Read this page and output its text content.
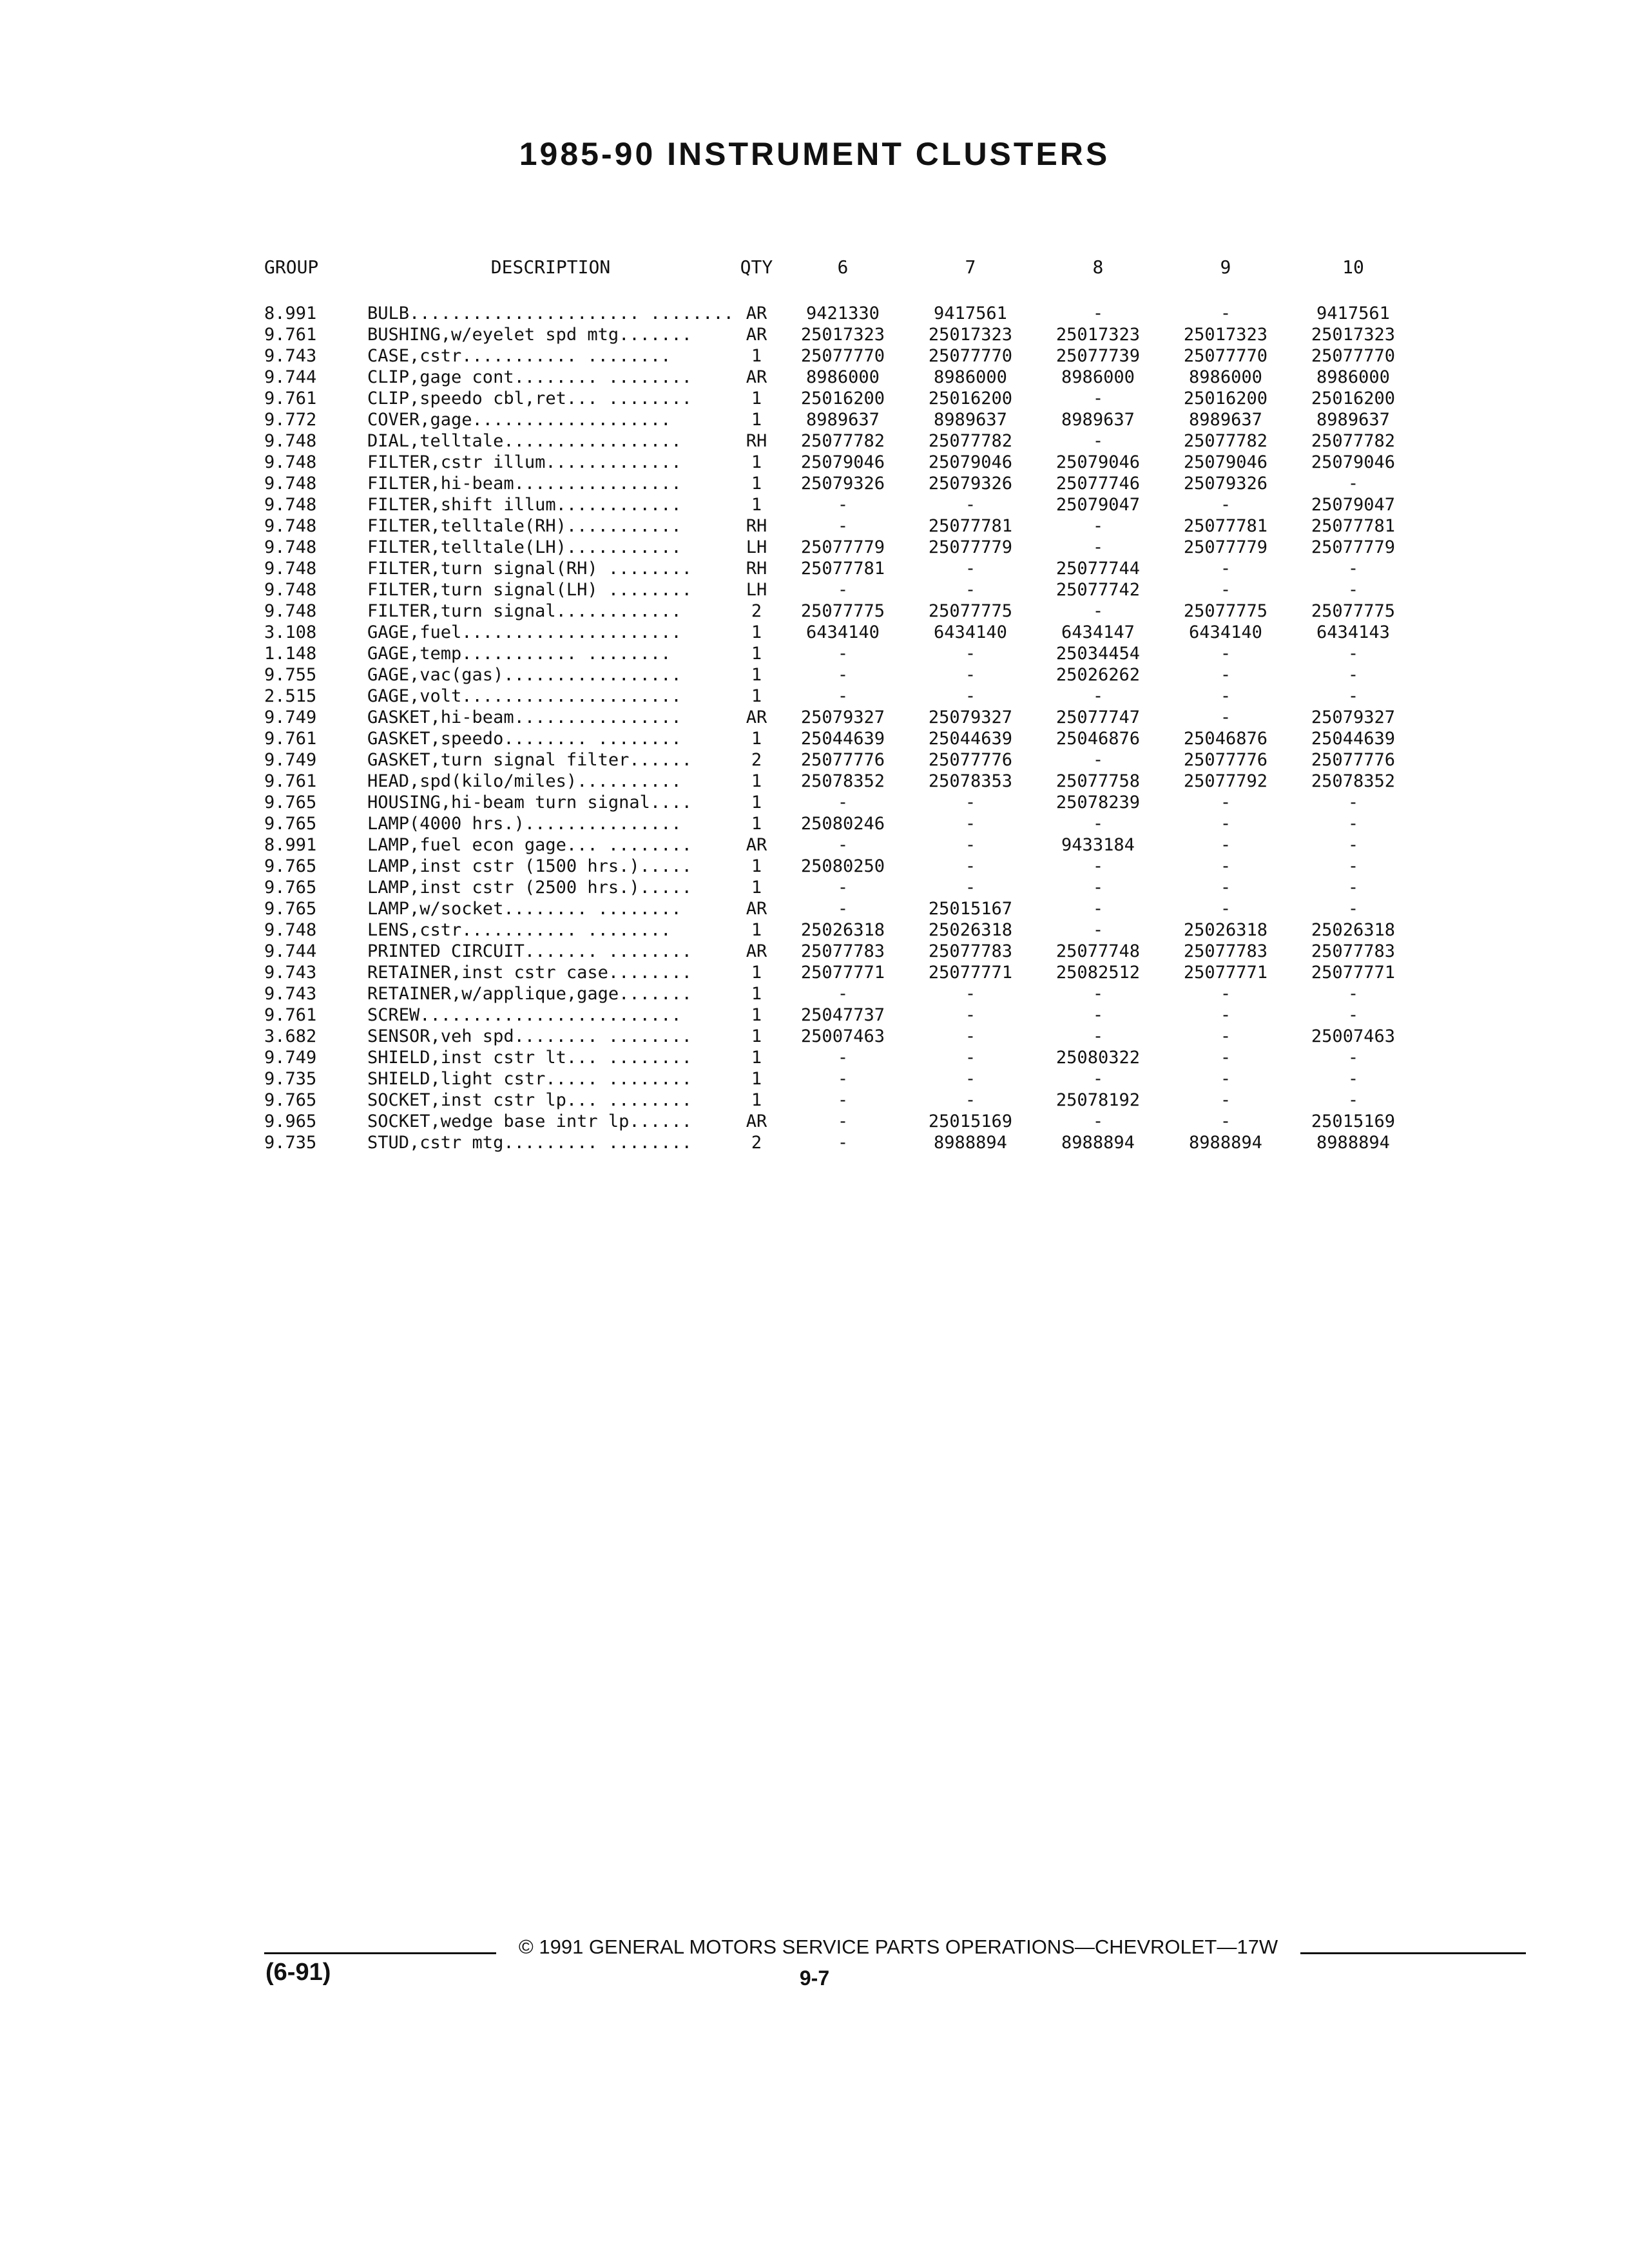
1985-90 INSTRUMENT CLUSTERS
GROUP	DESCRIPTION	QTY	6	7	8	9	10

8.991	BULB...................... ........	AR	9421330	9417561	-	-	9417561
9.761	BUSHING,w/eyelet spd mtg.......	AR	25017323	25017323	25017323	25017323	25017323
9.743	CASE,cstr........... ........	1	25077770	25077770	25077739	25077770	25077770
9.744	CLIP,gage cont........ ........	AR	8986000	8986000	8986000	8986000	8986000
9.761	CLIP,speedo cbl,ret... ........	1	25016200	25016200	-	25016200	25016200
9.772	COVER,gage...................	1	8989637	8989637	8989637	8989637	8989637
9.748	DIAL,telltale.................	RH	25077782	25077782	-	25077782	25077782
9.748	FILTER,cstr illum.............	1	25079046	25079046	25079046	25079046	25079046
9.748	FILTER,hi-beam................	1	25079326	25079326	25077746	25079326	-
9.748	FILTER,shift illum............	1	-	-	25079047	-	25079047
9.748	FILTER,telltale(RH)...........	RH	-	25077781	-	25077781	25077781
9.748	FILTER,telltale(LH)...........	LH	25077779	25077779	-	25077779	25077779
9.748	FILTER,turn signal(RH) ........	RH	25077781	-	25077744	-	-
9.748	FILTER,turn signal(LH) ........	LH	-	-	25077742	-	-
9.748	FILTER,turn signal............	2	25077775	25077775	-	25077775	25077775
3.108	GAGE,fuel.....................	1	6434140	6434140	6434147	6434140	6434143
1.148	GAGE,temp........... ........	1	-	-	25034454	-	-
9.755	GAGE,vac(gas).................	1	-	-	25026262	-	-
2.515	GAGE,volt.....................	1	-	-	-	-	-
9.749	GASKET,hi-beam................	AR	25079327	25079327	25077747	-	25079327
9.761	GASKET,speedo........ ........	1	25044639	25044639	25046876	25046876	25044639
9.749	GASKET,turn signal filter......	2	25077776	25077776	-	25077776	25077776
9.761	HEAD,spd(kilo/miles)..........	1	25078352	25078353	25077758	25077792	25078352
9.765	HOUSING,hi-beam turn signal....	1	-	-	25078239	-	-
9.765	LAMP(4000 hrs.)...............	1	25080246	-	-	-	-
8.991	LAMP,fuel econ gage... ........	AR	-	-	9433184	-	-
9.765	LAMP,inst cstr (1500 hrs.).....	1	25080250	-	-	-	-
9.765	LAMP,inst cstr (2500 hrs.).....	1	-	-	-	-	-
9.765	LAMP,w/socket........ ........	AR	-	25015167	-	-	-
9.748	LENS,cstr........... ........	1	25026318	25026318	-	25026318	25026318
9.744	PRINTED CIRCUIT....... ........	AR	25077783	25077783	25077748	25077783	25077783
9.743	RETAINER,inst cstr case........	1	25077771	25077771	25082512	25077771	25077771
9.743	RETAINER,w/applique,gage.......	1	-	-	-	-	-
9.761	SCREW.........................	1	25047737	-	-	-	-
3.682	SENSOR,veh spd........ ........	1	25007463	-	-	-	25007463
9.749	SHIELD,inst cstr lt... ........	1	-	-	25080322	-	-
9.735	SHIELD,light cstr..... ........	1	-	-	-	-	-
9.765	SOCKET,inst cstr lp... ........	1	-	-	25078192	-	-
9.965	SOCKET,wedge base intr lp......	AR	-	25015169	-	-	25015169
9.735	STUD,cstr mtg......... ........	2	-	8988894	8988894	8988894	8988894
© 1991 GENERAL MOTORS SERVICE PARTS OPERATIONS—CHEVROLET—17W
(6-91)	9-7
